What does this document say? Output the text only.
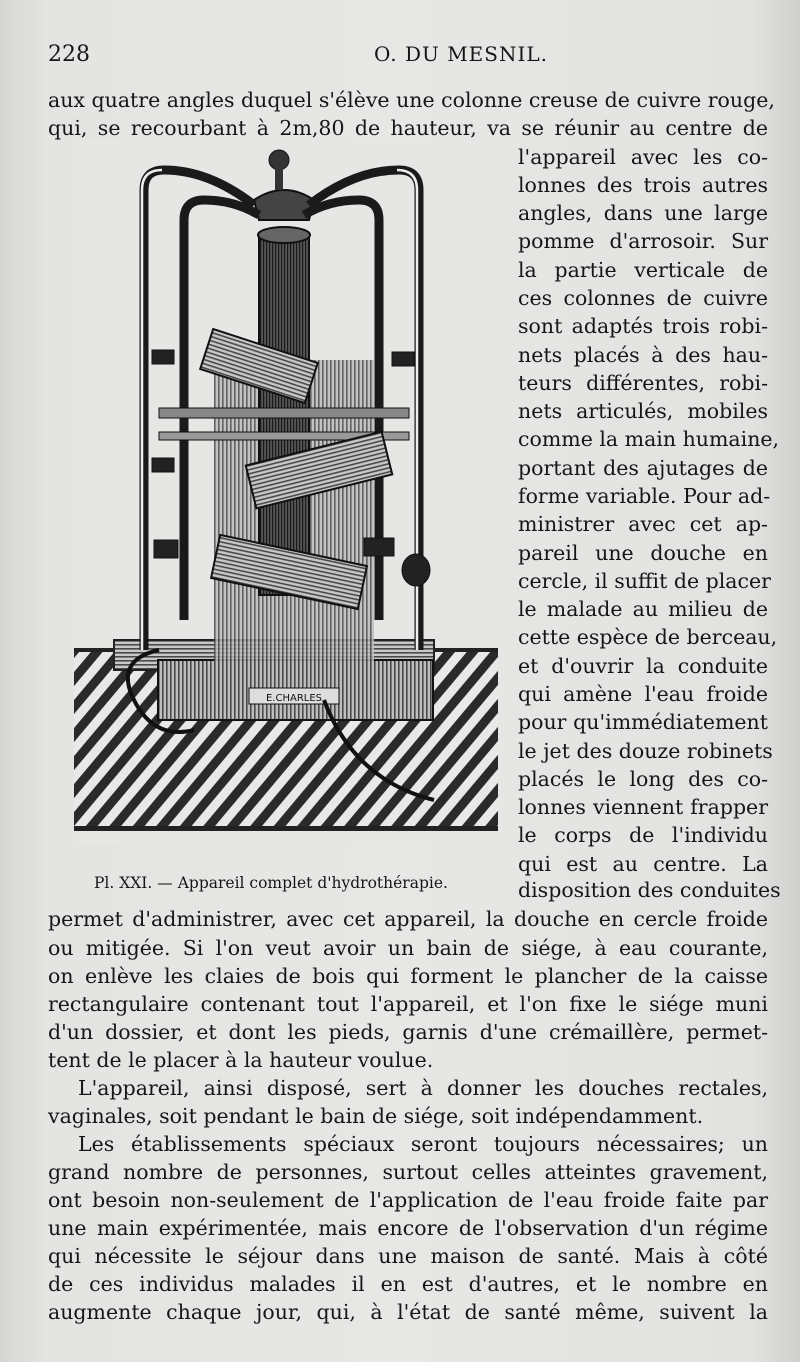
228	O. DU MESNIL.
aux quatre angles duquel s'élève une colonne creuse de cuivre rouge,
qui, se recourbant à 2m,80 de hauteur, va se réunir au centre de
l'appareil avec les co-
lonnes des trois autres
angles, dans une large
pomme d'arrosoir. Sur
la partie verticale de
ces colonnes de cuivre
sont adaptés trois robi-
nets placés à des hau-
teurs différentes, robi-
nets articulés, mobiles
comme la main humaine,
portant des ajutages de
forme variable. Pour ad-
ministrer avec cet ap-
pareil une douche en
cercle, il suffit de placer
le malade au milieu de
cette espèce de berceau,
et d'ouvrir la conduite
qui amène l'eau froide
pour qu'immédiatement
le jet des douze robinets
placés le long des co-
lonnes viennent frapper
le corps de l'individu
qui est au centre. La
disposition des conduites
E.CHARLES
Pl. XXI. — Appareil complet d'hydrothérapie.
permet d'administrer, avec cet appareil, la douche en cercle froide
ou mitigée. Si l'on veut avoir un bain de siége, à eau courante,
on enlève les claies de bois qui forment le plancher de la caisse
rectangulaire contenant tout l'appareil, et l'on fixe le siége muni
d'un dossier, et dont les pieds, garnis d'une crémaillère, permet-
tent de le placer à la hauteur voulue.
L'appareil, ainsi disposé, sert à donner les douches rectales,
vaginales, soit pendant le bain de siége, soit indépendamment.
Les établissements spéciaux seront toujours nécessaires; un
grand nombre de personnes, surtout celles atteintes gravement,
ont besoin non-seulement de l'application de l'eau froide faite par
une main expérimentée, mais encore de l'observation d'un régime
qui nécessite le séjour dans une maison de santé. Mais à côté
de ces individus malades il en est d'autres, et le nombre en
augmente chaque jour, qui, à l'état de santé même, suivent la
